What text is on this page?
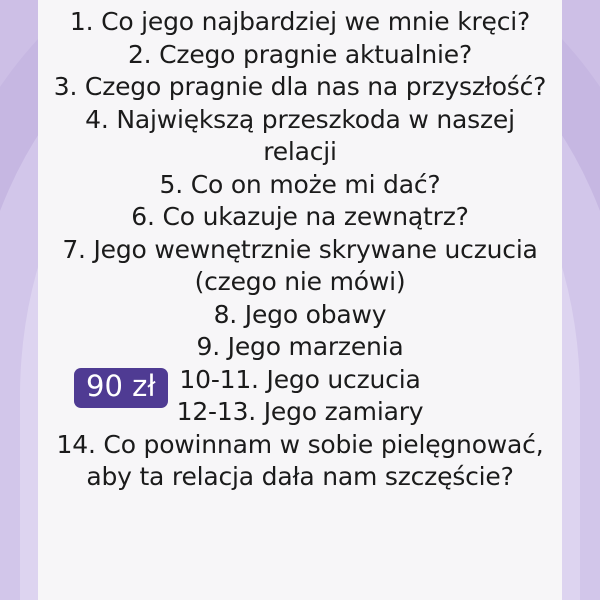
1. Co jego najbardziej we mnie kręci?
2. Czego pragnie aktualnie?
3. Czego pragnie dla nas na przyszłość?
4. Największą przeszkoda w naszej relacji
5. Co on może mi dać?
6. Co ukazuje na zewnątrz?
7. Jego wewnętrznie skrywane uczucia (czego nie mówi)
8. Jego obawy
9. Jego marzenia
10-11. Jego uczucia
12-13. Jego zamiary
14. Co powinnam w sobie pielęgnować, aby ta relacja dała nam szczęście?
90 zł
